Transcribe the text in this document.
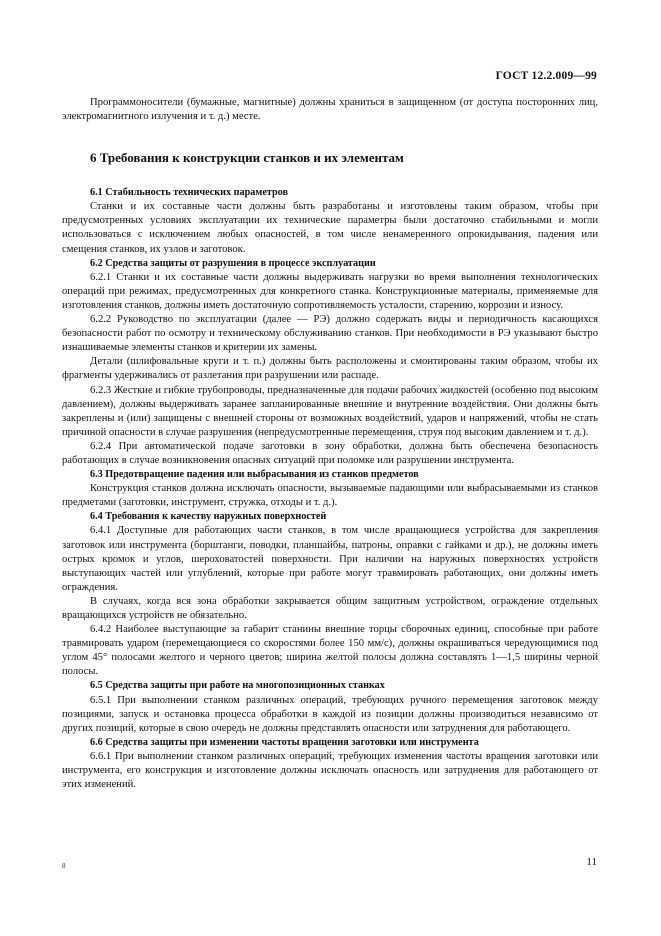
ГОСТ 12.2.009—99

Программоносители (бумажные, магнитные) должны храниться в защищенном (от доступа посторонних лиц, электромагнитного излучения и т. д.) месте.

6 Требования к конструкции станков и их элементам
6.1 Стабильность технических параметров

Станки и их составные части должны быть разработаны и изготовлены таким образом, чтобы при предусмотренных условиях эксплуатации их технические параметры были достаточно стабильными и могли использоваться с исключением любых опасностей, в том числе ненамеренного опрокидывания, падения или смещения станков, их узлов и заготовок.

6.2 Средства защиты от разрушения в процессе эксплуатации

6.2.1 Станки и их составные части должны выдерживать нагрузки во время выполнения технологических операций при режимах, предусмотренных для конкретного станка. Конструкционные материалы, применяемые для изготовления станков, должны иметь достаточную сопротивляемость усталости, старению, коррозии и износу.

6.2.2 Руководство по эксплуатации (далее — РЭ) должно содержать виды и периодичность касающихся безопасности работ по осмотру и техническому обслуживанию станков. При необходимости в РЭ указывают быстро изнашиваемые элементы станков и критерии их замены.

Детали (шлифовальные круги и т. п.) должны быть расположены и смонтированы таким образом, чтобы их фрагменты удерживались от разлетания при разрушении или распаде.

6.2.3 Жесткие и гибкие трубопроводы, предназначенные для подачи рабочих жидкостей (особенно под высоким давлением), должны выдерживать заранее запланированные внешние и внутренние воздействия. Они должны быть закреплены и (или) защищены с внешней стороны от возможных воздействий, ударов и напряжений, чтобы не стать причиной опасности в случае разрушения (непредусмотренные перемещения, струя под высоким давлением и т. д.).

6.2.4 При автоматической подаче заготовки в зону обработки, должна быть обеспечена безопасность работающих в случае возникновения опасных ситуаций при поломке или разрушении инструмента.

6.3 Предотвращение падения или выбрасывания из станков предметов

Конструкция станков должна исключать опасности, вызываемые падающими или выбрасываемыми из станков предметами (заготовки, инструмент, стружка, отходы и т. д.).

6.4 Требования к качеству наружных поверхностей

6.4.1 Доступные для работающих части станков, в том числе вращающиеся устройства для закрепления заготовок или инструмента (борштанги, поводки, планшайбы, патроны, оправки с гайками и др.), не должны иметь острых кромок и углов, шероховатостей поверхности. При наличии на наружных поверхностях устройств выступающих частей или углублений, которые при работе могут травмировать работающих, они должны иметь ограждения.

В случаях, когда вся зона обработки закрывается общим защитным устройством, ограждение отдельных вращающихся устройств не обязательно.

6.4.2 Наиболее выступающие за габарит станины внешние торцы сборочных единиц, способные при работе травмировать ударом (перемещающиеся со скоростями более 150 мм/с), должны окрашиваться чередующимися под углом 45° полосами желтого и черного цветов; ширина желтой полосы должна составлять 1—1,5 ширины черной полосы.

6.5 Средства защиты при работе на многопозиционных станках

6.5.1 При выполнении станком различных операций, требующих ручного перемещения заготовок между позициями, запуск и остановка процесса обработки в каждой из позиции должны производиться независимо от других позиций, которые в свою очередь не должны представлять опасности или затруднения для работающего.

6.6 Средства защиты при изменении частоты вращения заготовки или инструмента

6.6.1 При выполнении станком различных операций, требующих изменения частоты вращения заготовки или инструмента, его конструкция и изготовление должны исключать опасность или затруднения для работающего от этих изменений.

8	11
